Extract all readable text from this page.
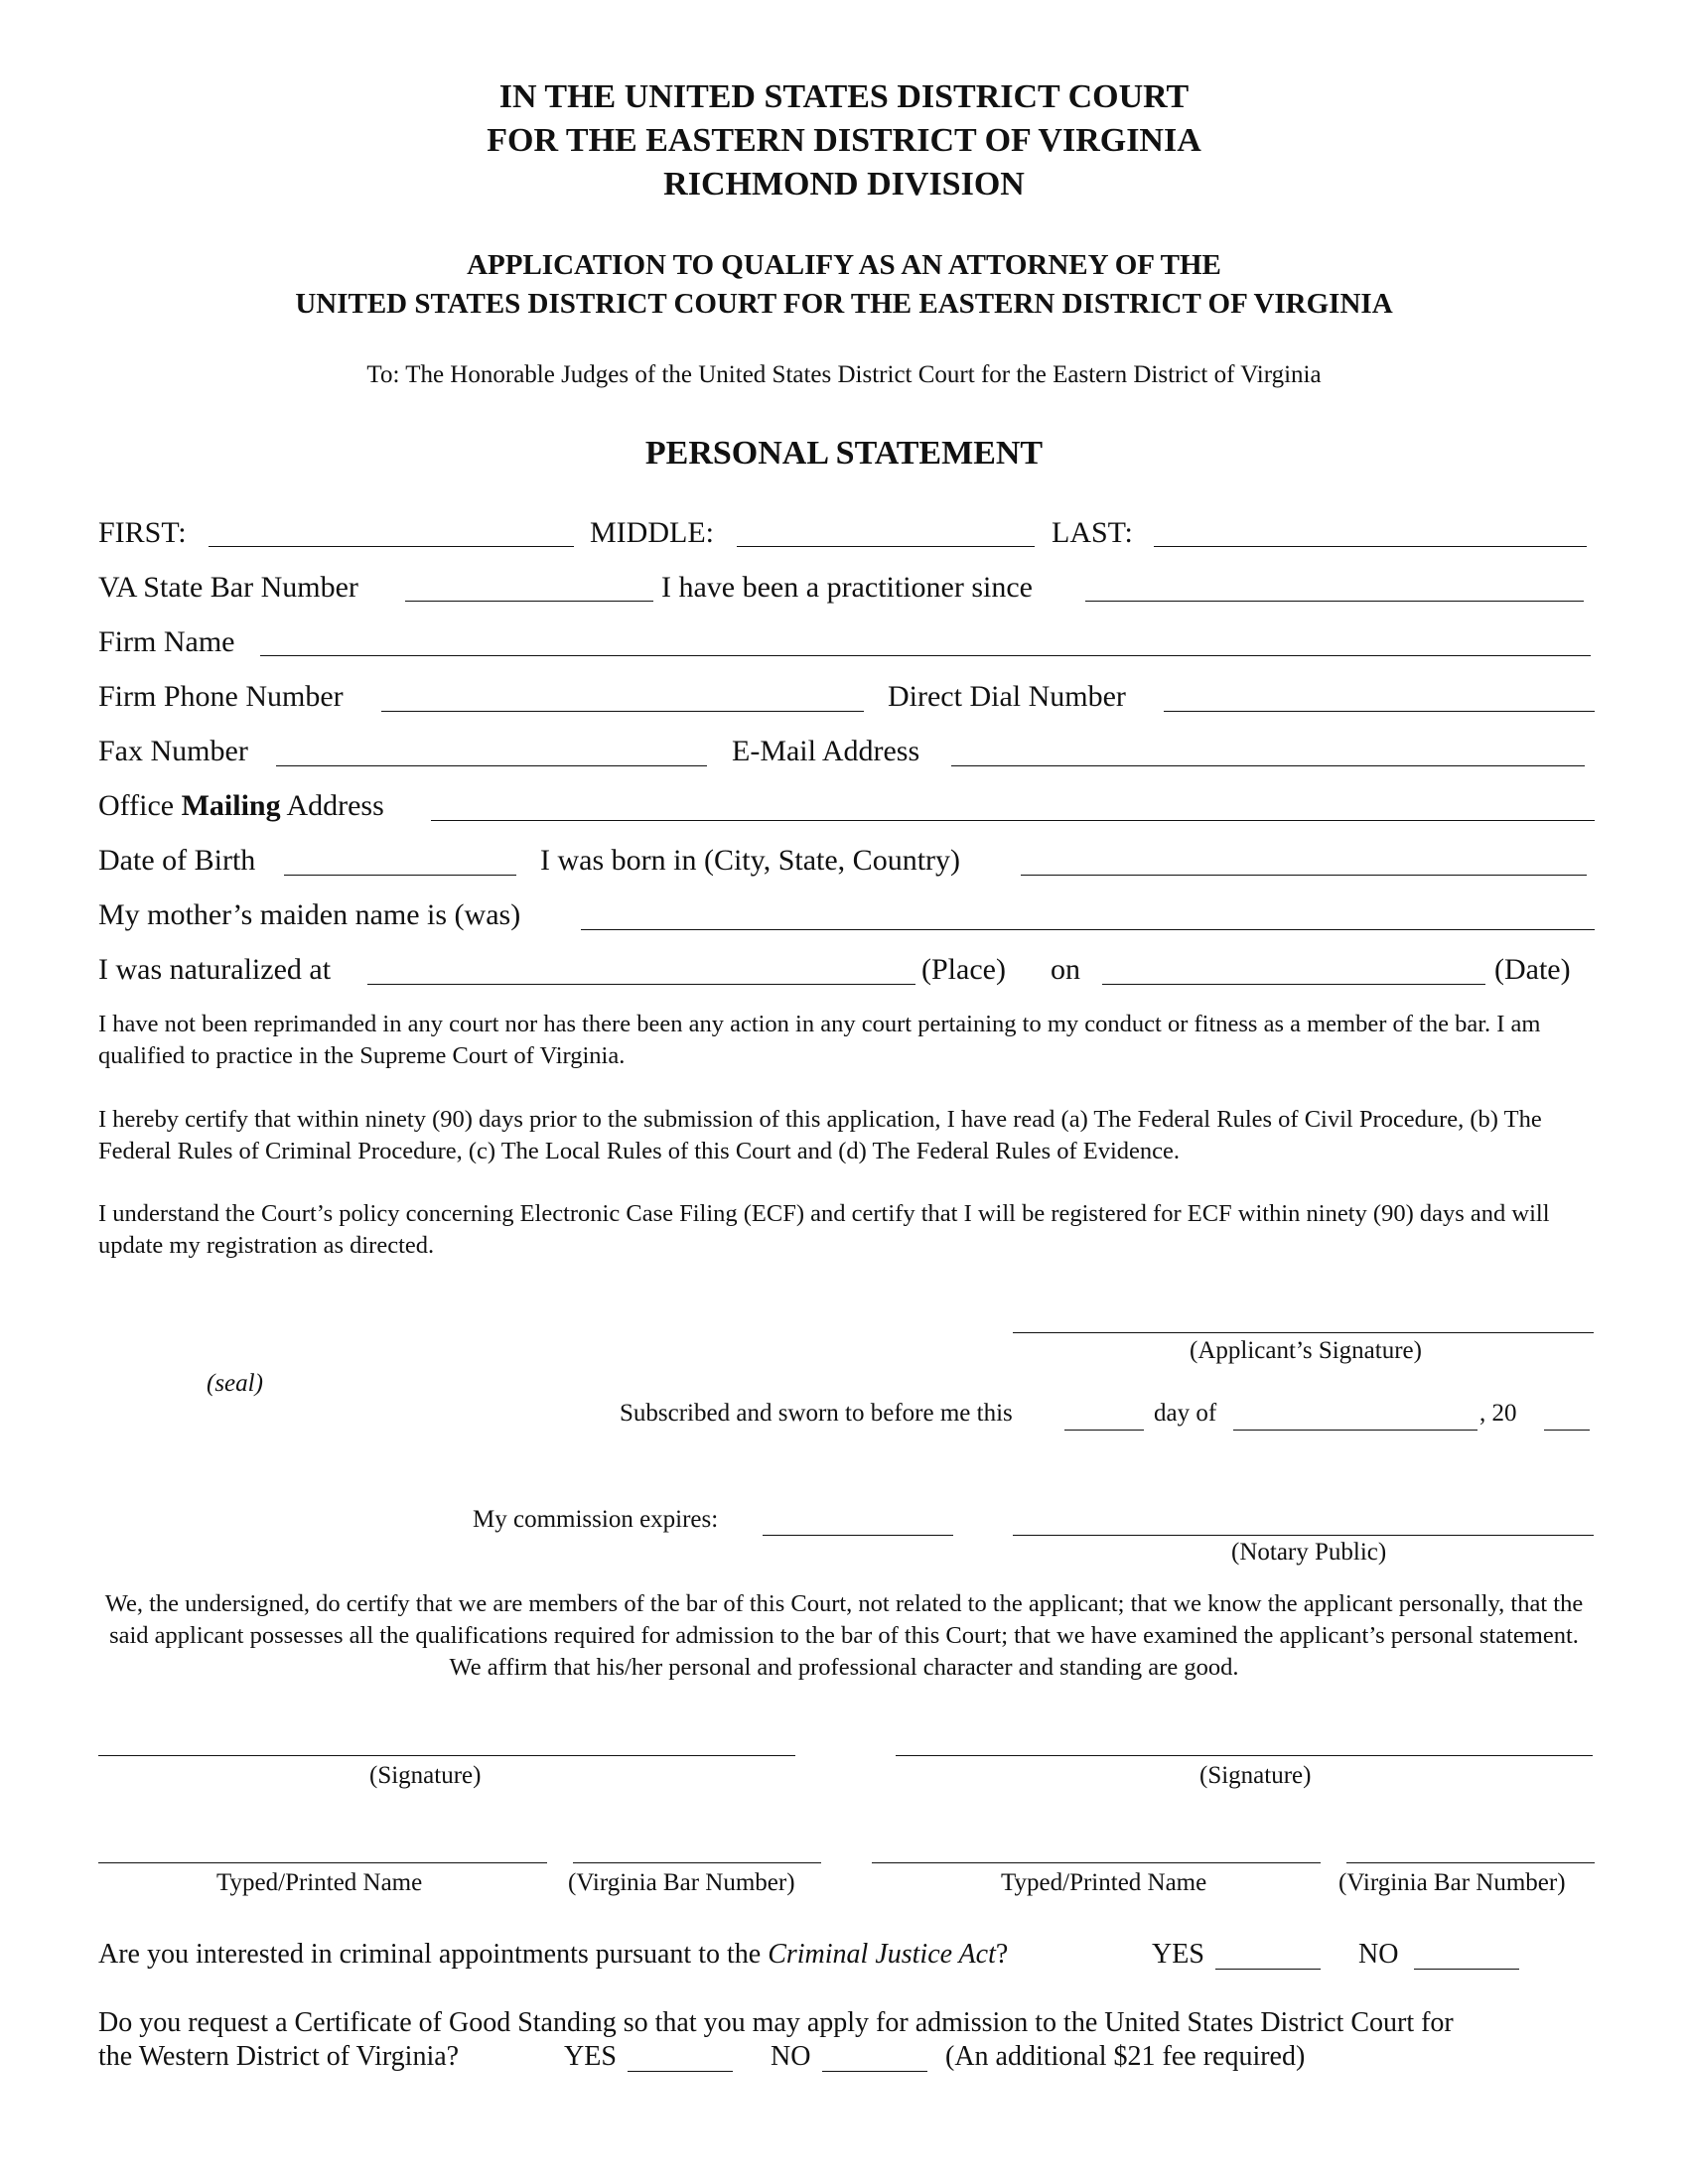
IN THE UNITED STATES DISTRICT COURT
FOR THE EASTERN DISTRICT OF VIRGINIA
RICHMOND DIVISION
APPLICATION TO QUALIFY AS AN ATTORNEY OF THE
UNITED STATES DISTRICT COURT FOR THE EASTERN DISTRICT OF VIRGINIA
To: The Honorable Judges of the United States District Court for the Eastern District of Virginia
PERSONAL STATEMENT
FIRST:	MIDDLE:	LAST:
VA State Bar Number	I have been a practitioner since
Firm Name
Firm Phone Number	Direct Dial Number
Fax Number	E-Mail Address
Office Mailing Address
Date of Birth	I was born in (City, State, Country)
My mother’s maiden name is (was)
I was naturalized at	(Place) on	(Date)
I have not been reprimanded in any court nor has there been any action in any court pertaining to my conduct or fitness as a member of the bar. I am qualified to practice in the Supreme Court of Virginia.
I hereby certify that within ninety (90) days prior to the submission of this application, I have read (a) The Federal Rules of Civil Procedure, (b) The Federal Rules of Criminal Procedure, (c) The Local Rules of this Court and (d) The Federal Rules of Evidence.
I understand the Court’s policy concerning Electronic Case Filing (ECF) and certify that I will be registered for ECF within ninety (90) days and will update my registration as directed.
(Applicant’s Signature)
(seal)
Subscribed and sworn to before me this	day of	, 20
My commission expires:
(Notary Public)
We, the undersigned, do certify that we are members of the bar of this Court, not related to the applicant; that we know the applicant personally, that the said applicant possesses all the qualifications required for admission to the bar of this Court; that we have examined the applicant’s personal statement. We affirm that his/her personal and professional character and standing are good.
(Signature)	(Signature)
Typed/Printed Name	(Virginia Bar Number)	Typed/Printed Name	(Virginia Bar Number)
Are you interested in criminal appointments pursuant to the Criminal Justice Act?	YES	NO
Do you request a Certificate of Good Standing so that you may apply for admission to the United States District Court for
the Western District of Virginia?	YES	NO	(An additional $21 fee required)
